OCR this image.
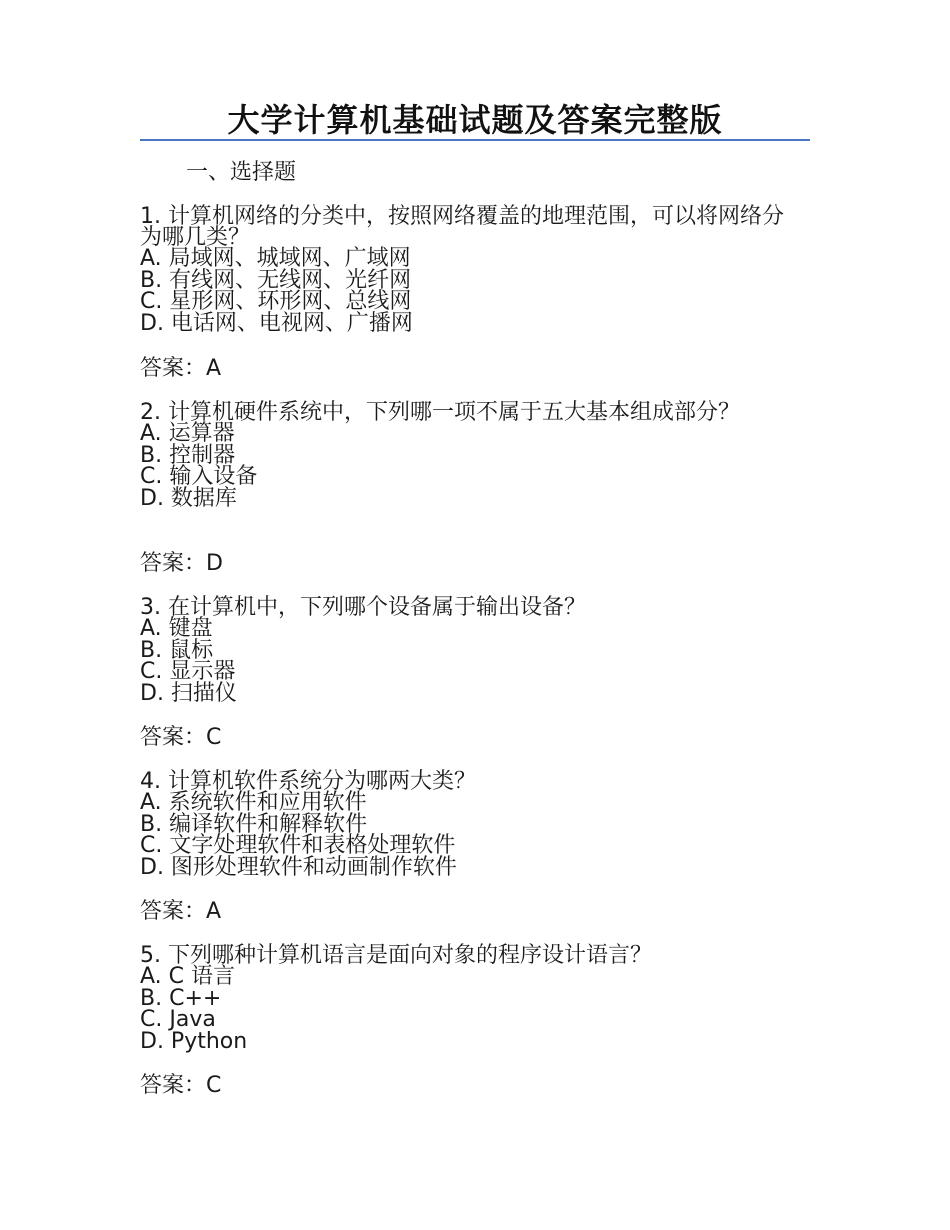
大学计算机基础试题及答案完整版
一、选择题
1. 计算机网络的分类中，按照网络覆盖的地理范围，可以将网络分为哪几类？
A. 局域网、城域网、广域网
B. 有线网、无线网、光纤网
C. 星形网、环形网、总线网
D. 电话网、电视网、广播网
答案：A
2. 计算机硬件系统中，下列哪一项不属于五大基本组成部分？
A. 运算器
B. 控制器
C. 输入设备
D. 数据库
答案：D
3. 在计算机中，下列哪个设备属于输出设备？
A. 键盘
B. 鼠标
C. 显示器
D. 扫描仪
答案：C
4. 计算机软件系统分为哪两大类？
A. 系统软件和应用软件
B. 编译软件和解释软件
C. 文字处理软件和表格处理软件
D. 图形处理软件和动画制作软件
答案：A
5. 下列哪种计算机语言是面向对象的程序设计语言？
A. C 语言
B. C++
C. Java
D. Python
答案：C
